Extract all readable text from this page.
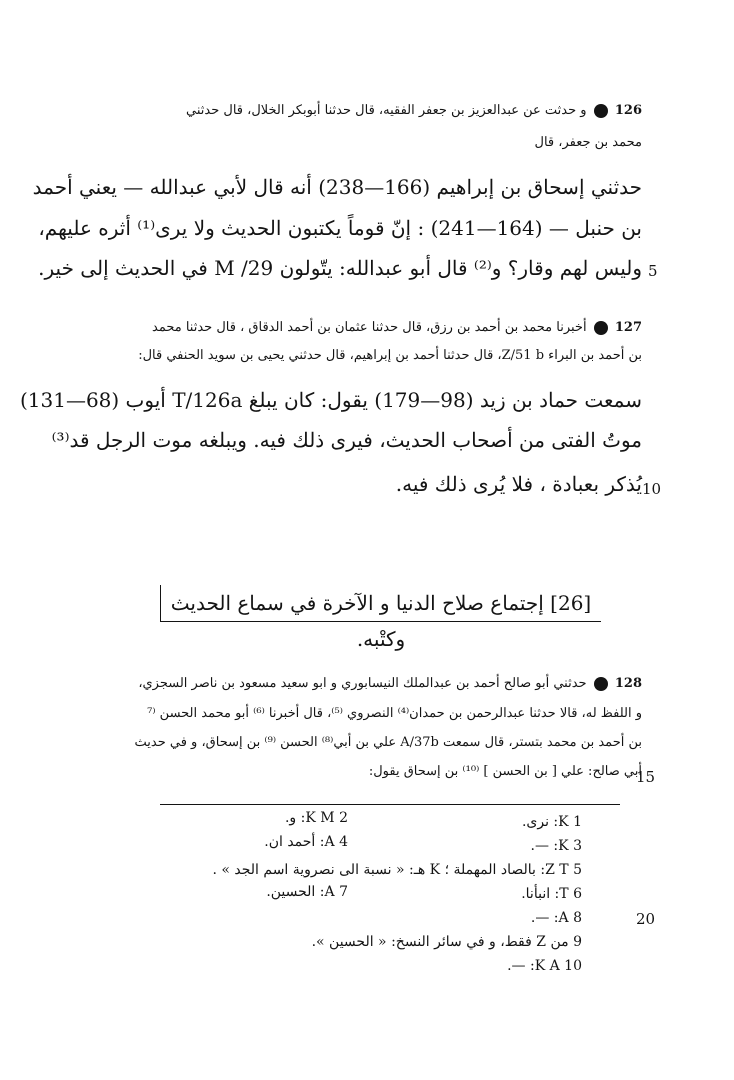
126  و حدثت عن عبدالعزيز بن جعفر الفقيه، قال حدثنا أبوبكر الخلال، قال حدثني
محمد بن جعفر، قال
حدثني إسحاق بن إبراهيم (166—238) أنه قال لأبي عبدالله — يعني أحمد
بن حنبل — (164—241) : إنّ قوماً يكتبون الحديث ولا يرى⁽¹⁾ أثره عليهم،
وليس لهم وقار؟ و⁽²⁾ قال أبو عبدالله: يتّولون M /29 في الحديث إلى خير. 5
127  أخبرنا محمد بن أحمد بن رزق، قال حدثنا عثمان بن أحمد الدقاق ، قال حدثنا محمد
بن أحمد بن البراء Z/51 b، قال حدثنا أحمد بن إبراهيم، قال حدثني يحيى بن سويد الحنفي قال:
سمعت حماد بن زيد (98—179) يقول: كان يبلغ T/126a أيوب (68—131)
موتُ الفتى من أصحاب الحديث، فيرى ذلك فيه. ويبلغه موت الرجل قد⁽³⁾
يُذكر بعبادة ، فلا يُرى ذلك فيه. 10
[26] إجتماع صلاح الدنيا و الآخرة في سماع الحديث وكتْبه.
128  حدثني أبو صالح أحمد بن عبدالملك النيسابوري و ابو سعيد مسعود بن ناصر السجزي،
و اللفظ له، قالا حدثنا عبدالرحمن بن حمدان⁽⁴⁾ النصروي ⁽⁵⁾، قال أخبرنا ⁽⁶⁾ أبو محمد الحسن ⁽⁷
بن أحمد بن محمد بتستر، قال سمعت A/37b علي بن أبي⁽⁸⁾ الحسن ⁽⁹⁾ بن إسحاق، و في حديث
أبي صالح: علي [ بن الحسن ] ⁽¹⁰⁾ بن إسحاق يقول:
15
1 K: نرى.
2 K M: و.
3 K: —.
4 A: أحمد ان.
5 Z T: بالصاد المهملة ؛ K هـ: « نسبة الى نصروية اسم الجد » .
6 T: انبأنا.
7 A: الحسين.
8 A: —.
9 من Z فقط، و في سائر النسخ: « الحسين ».
10 K A: —.
20
